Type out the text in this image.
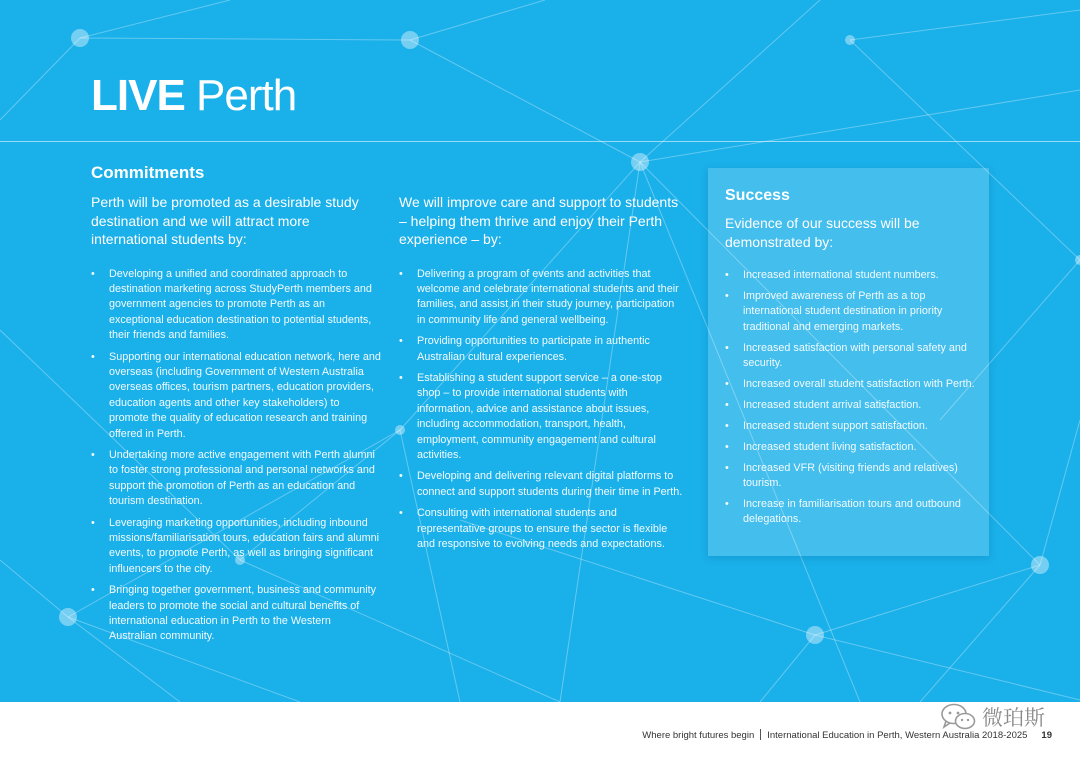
LIVE Perth
Commitments

Perth will be promoted as a desirable study destination and we will attract more international students by:

• Developing a unified and coordinated approach to destination marketing across StudyPerth members and government agencies to promote Perth as an exceptional education destination to potential students, their friends and families.
• Supporting our international education network, here and overseas (including Government of Western Australia overseas offices, tourism partners, education providers, education agents and other key stakeholders) to promote the quality of education research and training offered in Perth.
• Undertaking more active engagement with Perth alumni to foster strong professional and personal networks and support the promotion of Perth as an education and tourism destination.
• Leveraging marketing opportunities, including inbound missions/familiarisation tours, education fairs and alumni events, to promote Perth, as well as bringing significant influencers to the city.
• Bringing together government, business and community leaders to promote the social and cultural benefits of international education in Perth to the Western Australian community.

We will improve care and support to students – helping them thrive and enjoy their Perth experience – by:

• Delivering a program of events and activities that welcome and celebrate international students and their families, and assist in their study journey, participation in community life and general wellbeing.
• Providing opportunities to participate in authentic Australian cultural experiences.
• Establishing a student support service – a one-stop shop – to provide international students with information, advice and assistance about issues, including accommodation, transport, health, employment, community engagement and cultural activities.
• Developing and delivering relevant digital platforms to connect and support students during their time in Perth.
• Consulting with international students and representative groups to ensure the sector is flexible and responsive to evolving needs and expectations.

Success

Evidence of our success will be demonstrated by:

• Increased international student numbers.
• Improved awareness of Perth as a top international student destination in priority traditional and emerging markets.
• Increased satisfaction with personal safety and security.
• Increased overall student satisfaction with Perth.
• Increased student arrival satisfaction.
• Increased student support satisfaction.
• Increased student living satisfaction.
• Increased VFR (visiting friends and relatives) tourism.
• Increase in familiarisation tours and outbound delegations.
Where bright futures begin International Education in Perth, Western Australia 2018-2025 19
微珀斯
